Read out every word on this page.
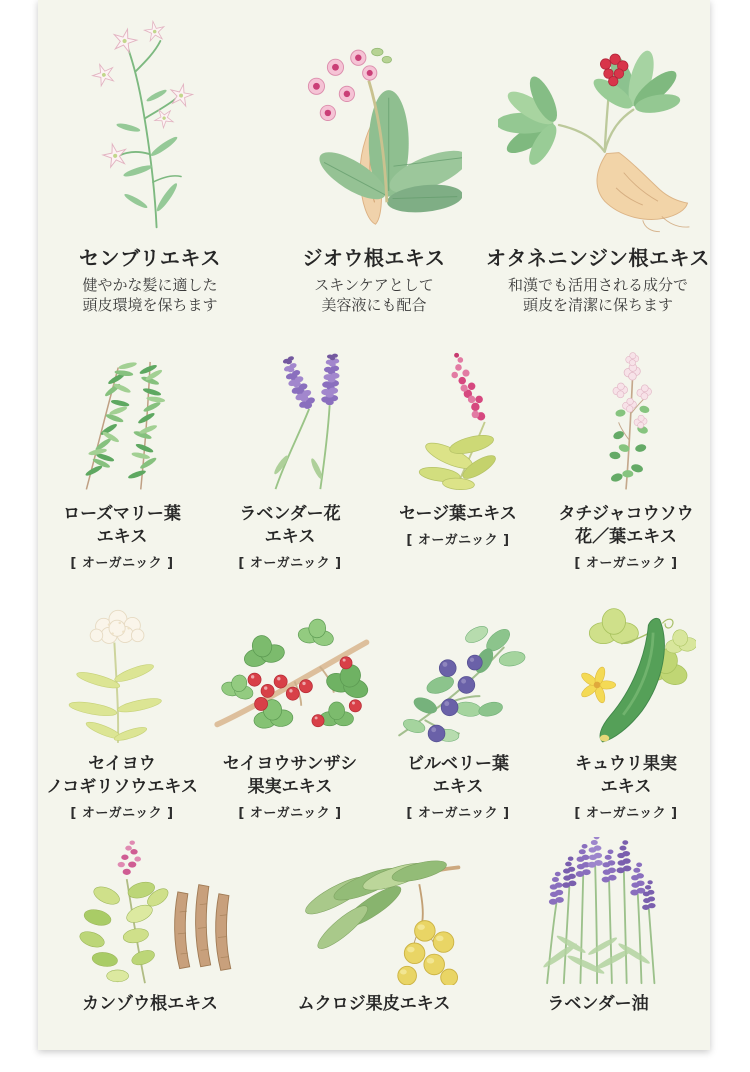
センブリエキス
健やかな髪に適した
頭皮環境を保ちます
ジオウ根エキス
スキンケアとして
美容液にも配合
オタネニンジン根エキス
和漢でも活用される成分で
頭皮を清潔に保ちます
ローズマリー葉
エキス
[ オーガニック ]
ラベンダー花
エキス
[ オーガニック ]
セージ葉エキス
[ オーガニック ]
タチジャコウソウ
花／葉エキス
[ オーガニック ]
セイヨウ
ノコギリソウエキス
[ オーガニック ]
セイヨウサンザシ
果実エキス
[ オーガニック ]
ビルベリー葉
エキス
[ オーガニック ]
キュウリ果実
エキス
[ オーガニック ]
カンゾウ根エキス	ムクロジ果皮エキス	ラベンダー油
